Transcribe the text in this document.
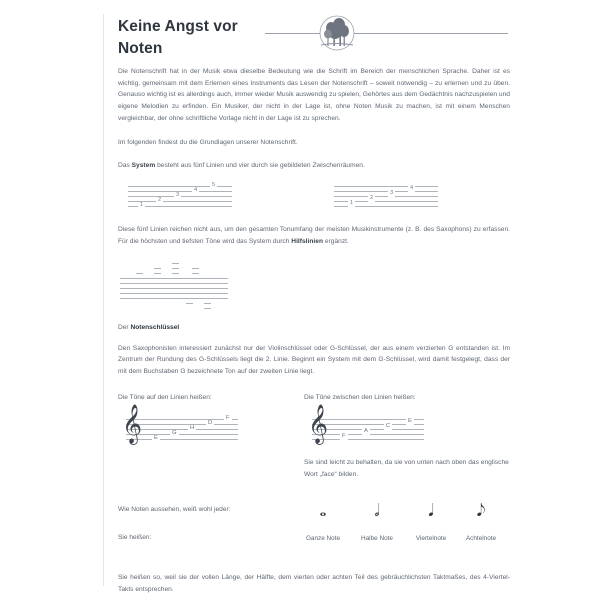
Keine Angst vor
Noten

Die Notenschrift hat in der Musik etwa dieselbe Bedeutung wie die Schrift im Bereich der menschlichen Sprache. Daher ist es wichtig, gemeinsam mit dem Erlernen eines Instruments das Lesen der Notenschrift – soweit notwendig – zu erlernen und zu üben. Genauso wichtig ist es allerdings auch, immer wieder Musik auswendig zu spielen, Gehörtes aus dem Gedächtnis nachzuspielen und eigene Melodien zu erfinden. Ein Musiker, der nicht in der Lage ist, ohne Noten Musik zu machen, ist mit einem Menschen vergleichbar, der ohne schriftliche Vorlage nicht in der Lage ist zu sprechen.

Im folgenden findest du die Grundlagen unserer Notenschrift.

Das System besteht aus fünf Linien und vier durch sie gebildeten Zwischenräumen.

1
2
3
4
5
1
2
3
4

Diese fünf Linien reichen nicht aus, um den gesamten Tonumfang der meisten Musikinstrumente (z. B. des Saxophons) zu erfassen. Für die höchsten und tiefsten Töne wird das System durch Hilfslinien ergänzt.

Der Notenschlüssel

Den Saxophonisten interessiert zunächst nur der Violinschlüssel oder G-Schlüssel, der aus einem verzierten G entstanden ist. Im Zentrum der Rundung des G-Schlüssels liegt die 2. Linie. Beginnt ein System mit dem G-Schlüssel, wird damit festgelegt, dass der mit dem Buchstaben G bezeichnete Ton auf der zweiten Linie liegt.

Die Töne auf den Linien heißen:

𝄞	E
G
H
D
F

Die Töne zwischen den Linien heißen:

𝄞	F
A
C
E

Sie sind leicht zu behalten, da sie von unten nach oben das englische Wort „face“ bilden.

Wie Noten aussehen, weiß wohl jeder:	𝅝	𝅗𝅥	𝅘𝅥	𝅘𝅥𝅮
Sie heißen:	Ganze Note	Halbe Note	Viertelnote	Achtelnote

Sie heißen so, weil sie der vollen Länge, der Hälfte, dem vierten oder achten Teil des gebräuchlichsten Taktmaßes, des 4-Viertel-Takts entsprechen.
